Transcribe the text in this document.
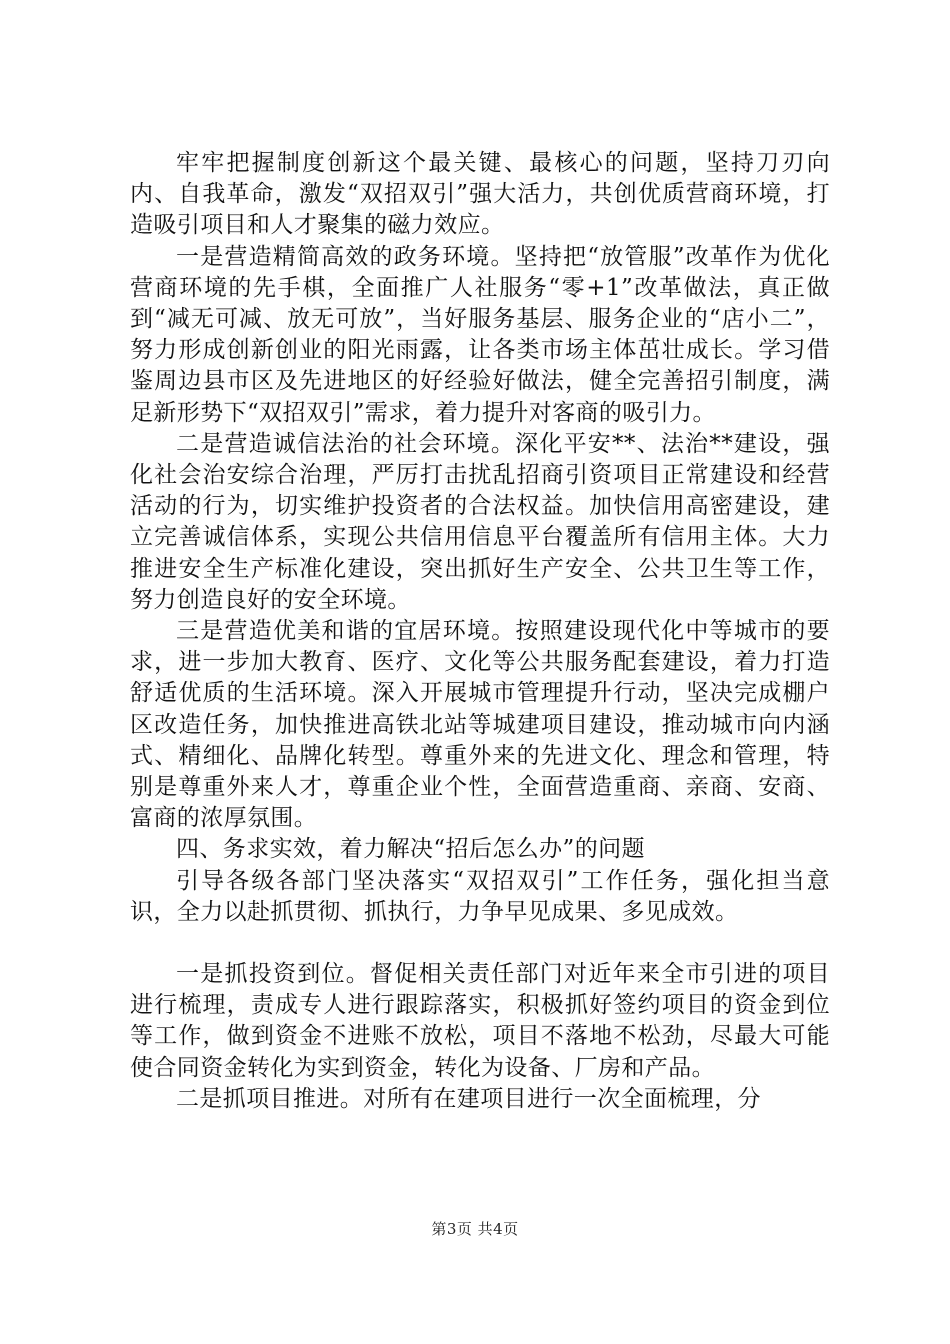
牢牢把握制度创新这个最关键、最核心的问题，坚持刀刃向内、自我革命，激发“双招双引”强大活力，共创优质营商环境，打造吸引项目和人才聚集的磁力效应。

一是营造精简高效的政务环境。坚持把“放管服”改革作为优化营商环境的先手棋，全面推广人社服务“零+1”改革做法，真正做到“减无可减、放无可放”，当好服务基层、服务企业的“店小二”，努力形成创新创业的阳光雨露，让各类市场主体茁壮成长。学习借鉴周边县市区及先进地区的好经验好做法，健全完善招引制度，满足新形势下“双招双引”需求，着力提升对客商的吸引力。

二是营造诚信法治的社会环境。深化平安**、法治**建设，强化社会治安综合治理，严厉打击扰乱招商引资项目正常建设和经营活动的行为，切实维护投资者的合法权益。加快信用高密建设，建立完善诚信体系，实现公共信用信息平台覆盖所有信用主体。大力推进安全生产标准化建设，突出抓好生产安全、公共卫生等工作，努力创造良好的安全环境。

三是营造优美和谐的宜居环境。按照建设现代化中等城市的要求，进一步加大教育、医疗、文化等公共服务配套建设，着力打造舒适优质的生活环境。深入开展城市管理提升行动，坚决完成棚户区改造任务，加快推进高铁北站等城建项目建设，推动城市向内涵式、精细化、品牌化转型。尊重外来的先进文化、理念和管理，特别是尊重外来人才，尊重企业个性，全面营造重商、亲商、安商、富商的浓厚氛围。

四、务求实效，着力解决“招后怎么办”的问题

引导各级各部门坚决落实“双招双引”工作任务，强化担当意识，全力以赴抓贯彻、抓执行，力争早见成果、多见成效。

一是抓投资到位。督促相关责任部门对近年来全市引进的项目进行梳理，责成专人进行跟踪落实，积极抓好签约项目的资金到位等工作，做到资金不进账不放松，项目不落地不松劲，尽最大可能使合同资金转化为实到资金，转化为设备、厂房和产品。

二是抓项目推进。对所有在建项目进行一次全面梳理，分

第3页 共4页
